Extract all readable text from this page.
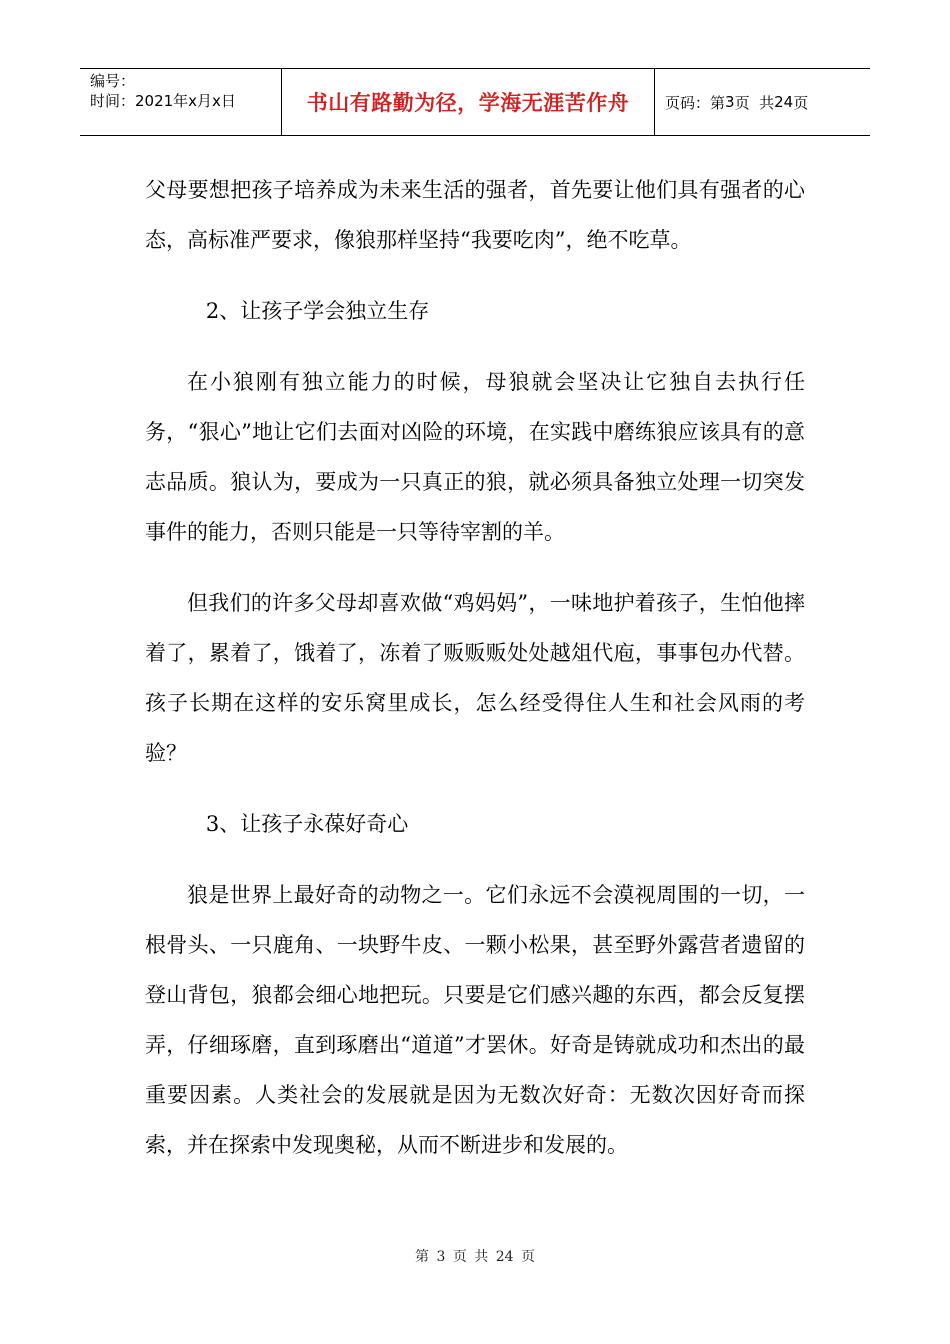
编号：
时间：2021年x月x日	书山有路勤为径，学海无涯苦作舟	页码：第 3 页  共 24 页

父母要想把孩子培养成为未来生活的强者，首先要让他们具有强者的心态，高标准严要求，像狼那样坚持“我要吃肉”，绝不吃草。

2、让孩子学会独立生存

在小狼刚有独立能力的时候，母狼就会坚决让它独自去执行任务，“狠心”地让它们去面对凶险的环境，在实践中磨练狼应该具有的意志品质。狼认为，要成为一只真正的狼，就必须具备独立处理一切突发事件的能力，否则只能是一只等待宰割的羊。

但我们的许多父母却喜欢做“鸡妈妈”，一味地护着孩子，生怕他摔着了，累着了，饿着了，冻着了贩贩贩处处越俎代庖，事事包办代替。孩子长期在这样的安乐窝里成长，怎么经受得住人生和社会风雨的考验？

3、让孩子永葆好奇心

狼是世界上最好奇的动物之一。它们永远不会漠视周围的一切，一根骨头、一只鹿角、一块野牛皮、一颗小松果，甚至野外露营者遗留的登山背包，狼都会细心地把玩。只要是它们感兴趣的东西，都会反复摆弄，仔细琢磨，直到琢磨出“道道”才罢休。好奇是铸就成功和杰出的最重要因素。人类社会的发展就是因为无数次好奇：无数次因好奇而探索，并在探索中发现奥秘，从而不断进步和发展的。

第 3 页 共 24 页
